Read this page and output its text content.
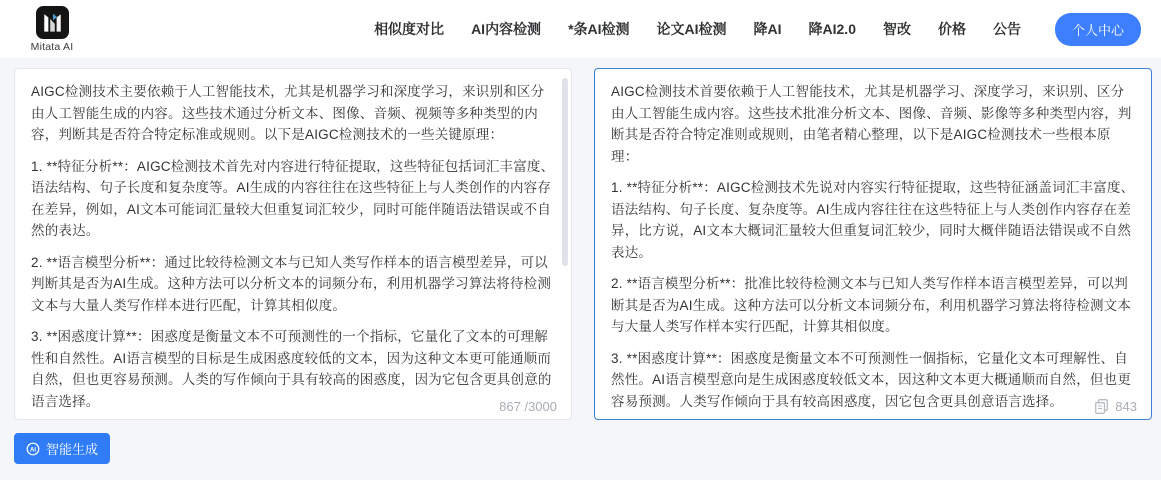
Mitata AI
相似度对比 AI内容检测 *条AI检测 论文AI检测 降AI 降AI2.0 智改 价格 公告	个人中心

AIGC检测技术主要依赖于人工智能技术，尤其是机器学习和深度学习，来识别和区分由人工智能生成的内容。这些技术通过分析文本、图像、音频、视频等多种类型的内容，判断其是否符合特定标准或规则。以下是AIGC检测技术的一些关键原理：

1. **特征分析**：AIGC检测技术首先对内容进行特征提取，这些特征包括词汇丰富度、语法结构、句子长度和复杂度等。AI生成的内容往往在这些特征上与人类创作的内容存在差异，例如，AI文本可能词汇量较大但重复词汇较少，同时可能伴随语法错误或不自然的表达。

2. **语言模型分析**：通过比较待检测文本与已知人类写作样本的语言模型差异，可以判断其是否为AI生成。这种方法可以分析文本的词频分布，利用机器学习算法将待检测文本与大量人类写作样本进行匹配，计算其相似度。

3. **困惑度计算**：困惑度是衡量文本不可预测性的一个指标，它量化了文本的可理解性和自然性。AI语言模型的目标是生成困惑度较低的文本，因为这种文本更可能通顺而自然，但也更容易预测。人类的写作倾向于具有较高的困惑度，因为它包含更具创意的语言选择。	867 /3000

AIGC检测技术首要依赖于人工智能技术，尤其是机器学习、深度学习，来识别、区分由人工智能生成内容。这些技术批准分析文本、图像、音频、影像等多种类型内容，判断其是否符合特定准则或规则，由笔者精心整理，以下是AIGC检测技术一些根本原理：

1. **特征分析**：AIGC检测技术先说对内容实行特征提取，这些特征涵盖词汇丰富度、语法结构、句子长度、复杂度等。AI生成内容往往在这些特征上与人类创作内容存在差异，比方说，AI文本大概词汇量较大但重复词汇较少，同时大概伴随语法错误或不自然表达。

2. **语言模型分析**：批准比较待检测文本与已知人类写作样本语言模型差异，可以判断其是否为AI生成。这种方法可以分析文本词频分布，利用机器学习算法将待检测文本与大量人类写作样本实行匹配，计算其相似度。

3. **困惑度计算**：困惑度是衡量文本不可预测性一個指标，它量化文本可理解性、自然性。AI语言模型意向是生成困惑度较低文本，因这种文本更大概通顺而自然，但也更容易预测。人类写作倾向于具有较高困惑度，因它包含更具创意语言选择。	843
AI 智能生成
